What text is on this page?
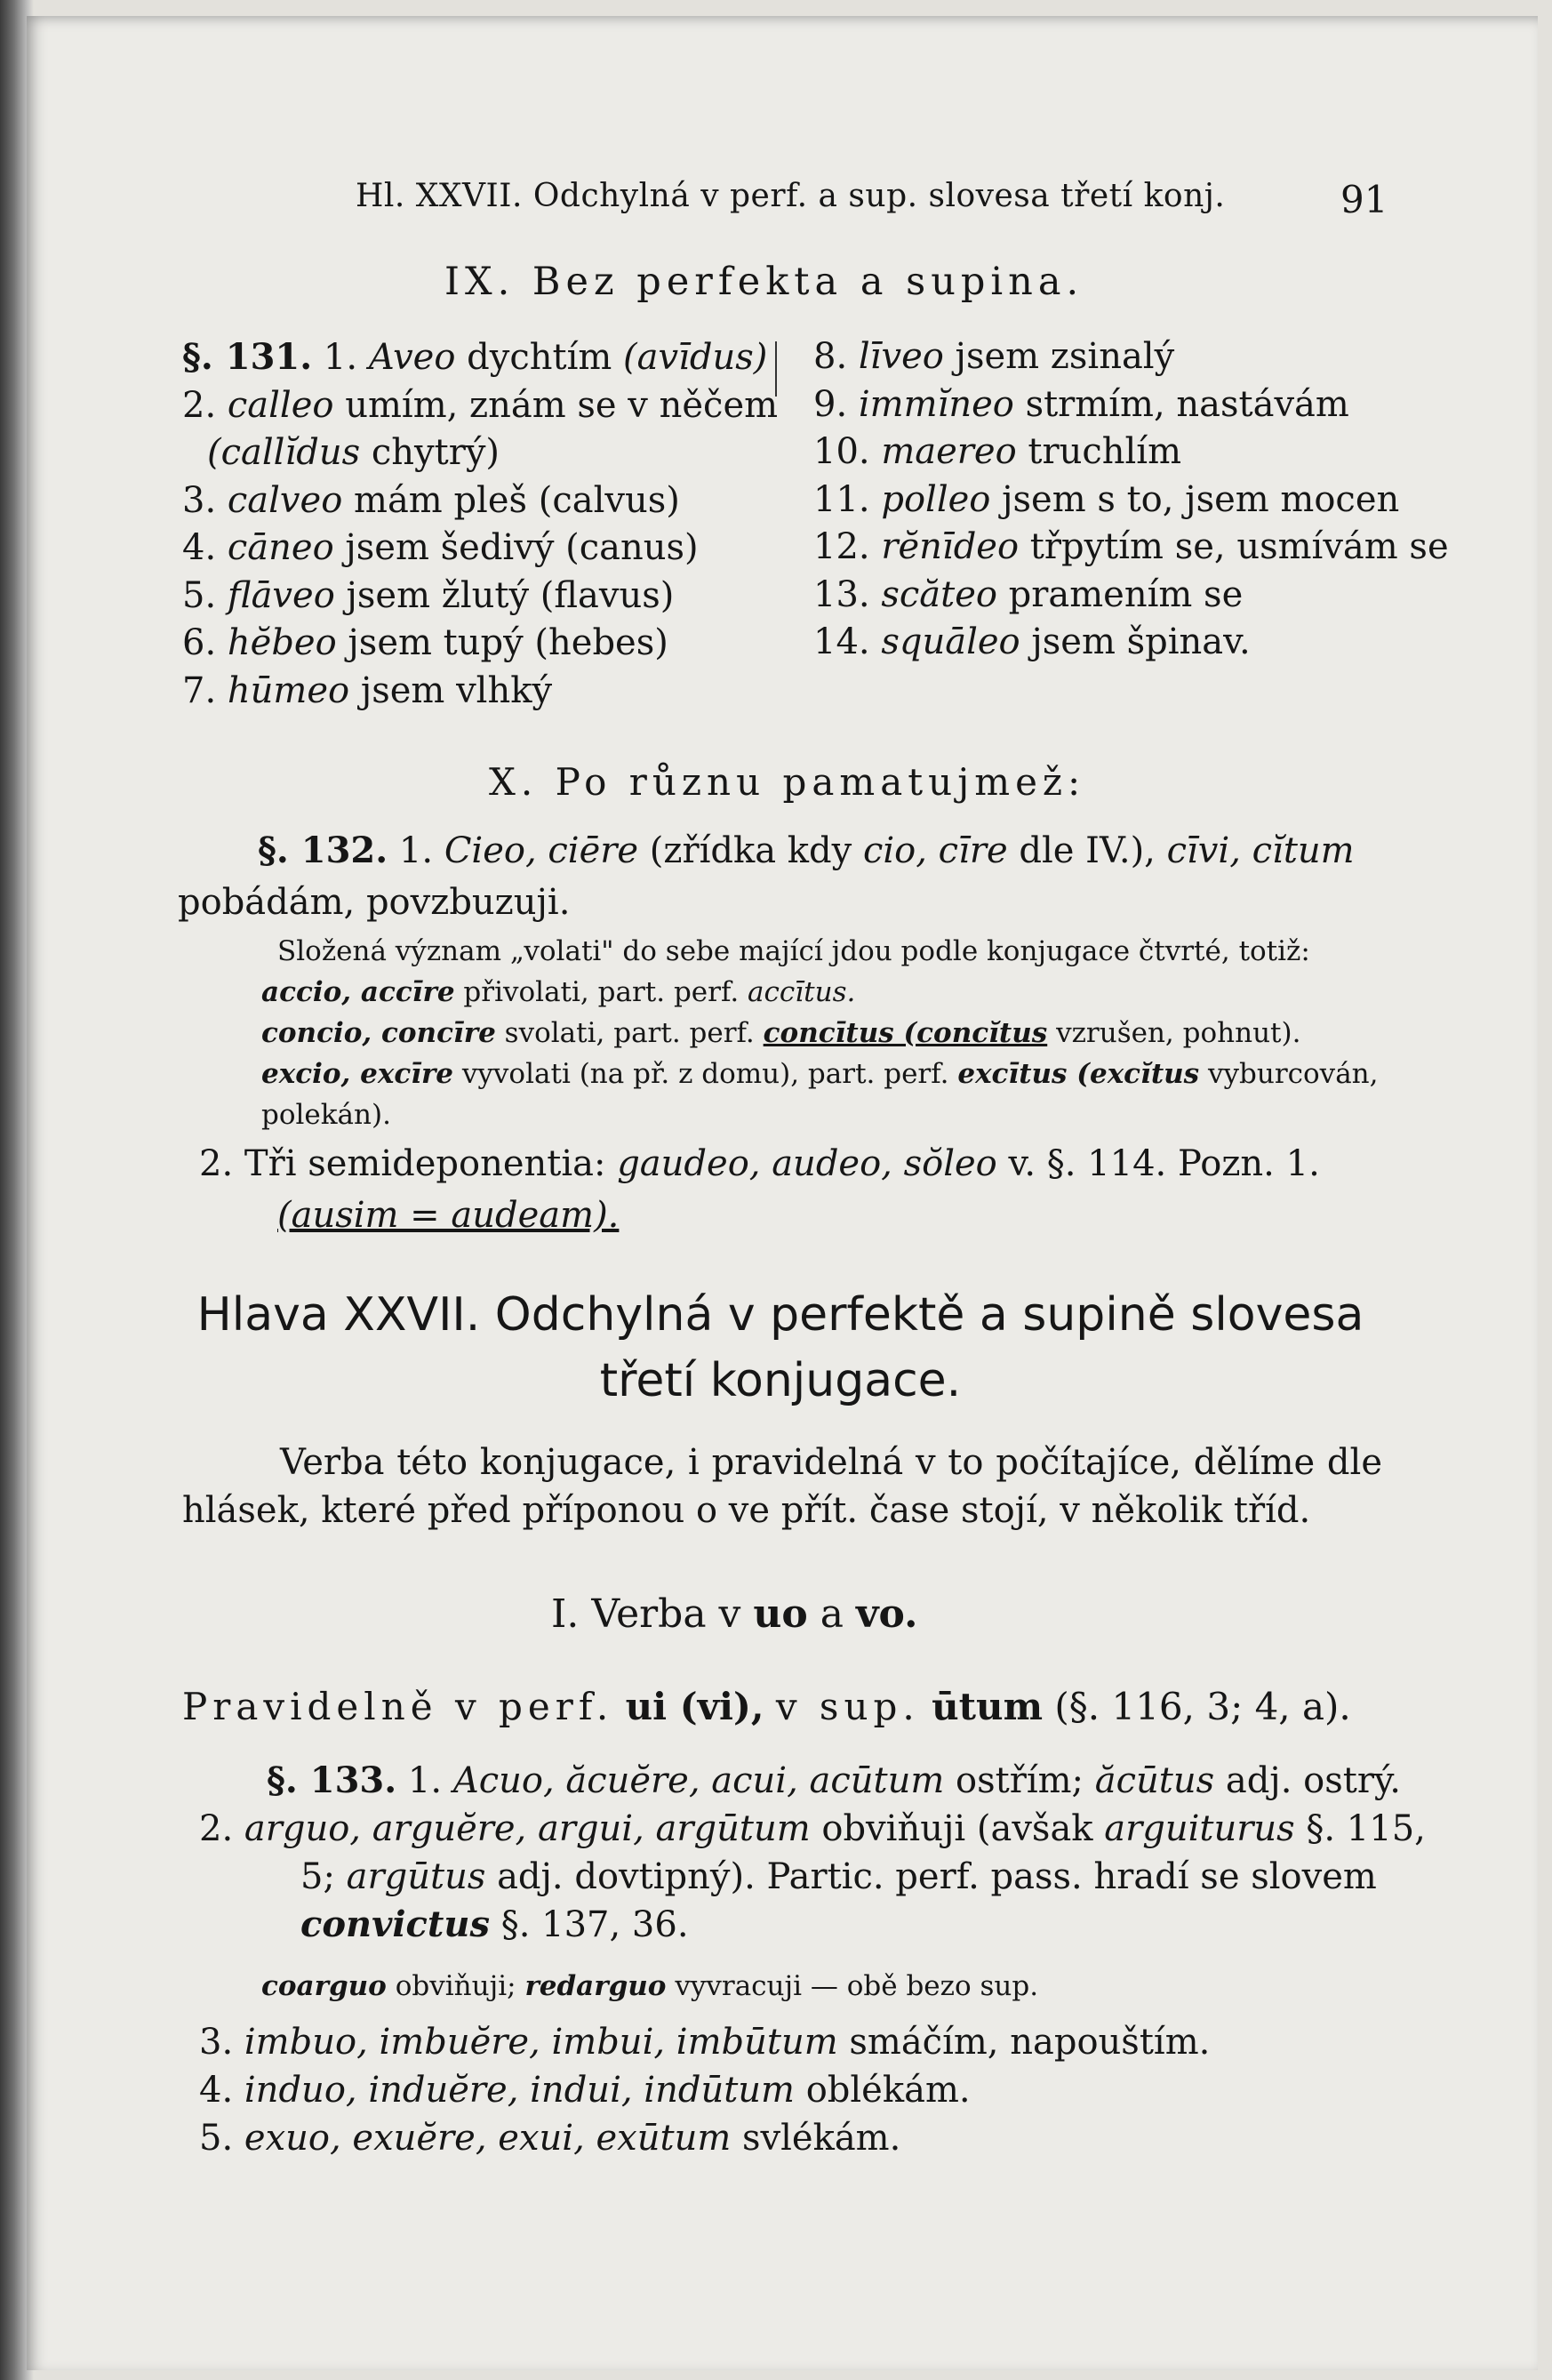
Hl. XXVII. Odchylná v perf. a sup. slovesa třetí konj.	91
IX. Bez perfekta a supina.
§. 131. 1. Aveo dychtím (avīdus)
2. calleo umím, znám se v něčem
(callĭdus chytrý)
3. calveo mám pleš (calvus)
4. cāneo jsem šedivý (canus)
5. flāveo jsem žlutý (flavus)
6. hĕbeo jsem tupý (hebes)
7. hūmeo jsem vlhký
8. līveo jsem zsinalý
9. immĭneo strmím, nastávám
10. maereo truchlím
11. polleo jsem s to, jsem mocen
12. rĕnīdeo třpytím se, usmívám se
13. scăteo pramením se
14. squāleo jsem špinav.
X. Po různu pamatujmež:
§. 132. 1. Cieo, ciēre (zřídka kdy cio, cīre dle IV.), cīvi, cĭtum
pobádám, povzbuzuji.
Složená význam „volati" do sebe mající jdou podle konjugace čtvrté, totiž:
accio, accīre přivolati, part. perf. accītus.
concio, concīre svolati, part. perf. concītus (concĭtus vzrušen, pohnut).
excio, excīre vyvolati (na př. z domu), part. perf. excītus (excĭtus vyburcován,
polekán).
2. Tři semideponentia: gaudeo, audeo, sŏleo v. §. 114. Pozn. 1.
(ausim = audeam).
Hlava XXVII. Odchylná v perfektě a supině slovesa třetí konjugace.
Verba této konjugace, i pravidelná v to počítajíce, dělíme dle hlásek, které před příponou o ve přít. čase stojí, v několik tříd.
I. Verba v uo a vo.
Pravidelně v perf. ui (vi), v sup. ūtum (§. 116, 3; 4, a).
§. 133. 1. Acuo, ăcuĕre, acui, acūtum ostřím; ăcūtus adj. ostrý.
2. arguo, arguĕre, argui, argūtum obviňuji (avšak arguiturus §. 115,
5; argūtus adj. dovtipný). Partic. perf. pass. hradí se slovem
convictus §. 137, 36.
coarguo obviňuji; redarguo vyvracuji — obě bezo sup.
3. imbuo, imbuĕre, imbui, imbūtum smáčím, napouštím.
4. induo, induĕre, indui, indūtum oblékám.
5. exuo, exuĕre, exui, exūtum svlékám.
